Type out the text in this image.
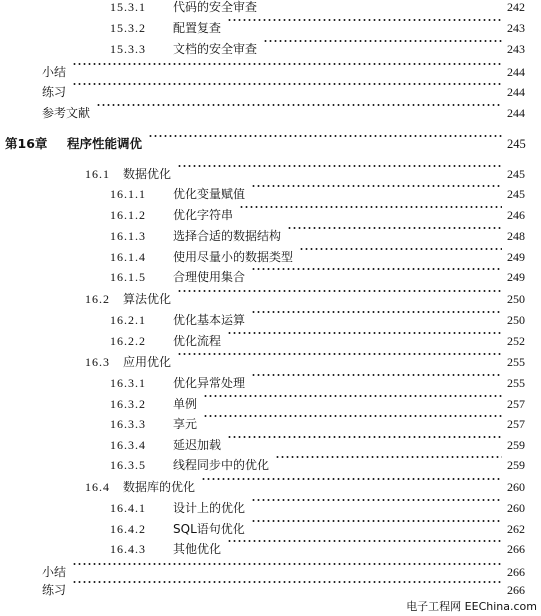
15.3.1 代码的安全审查	242
15.3.2 配置复查	243
15.3.3 文档的安全审查	243
小结	244
练习	244
参考文献	244
第16章 程序性能调优	245
16.1 数据优化	245
16.1.1 优化变量赋值	245
16.1.2 优化字符串	246
16.1.3 选择合适的数据结构	248
16.1.4 使用尽量小的数据类型	249
16.1.5 合理使用集合	249
16.2 算法优化	250
16.2.1 优化基本运算	250
16.2.2 优化流程	252
16.3 应用优化	255
16.3.1 优化异常处理	255
16.3.2 单例	257
16.3.3 享元	257
16.3.4 延迟加载	259
16.3.5 线程同步中的优化	259
16.4 数据库的优化	260
16.4.1 设计上的优化	260
16.4.2 SQL语句优化	262
16.4.3 其他优化	266
小结	266
练习	266
电子工程网 EEChina.com
